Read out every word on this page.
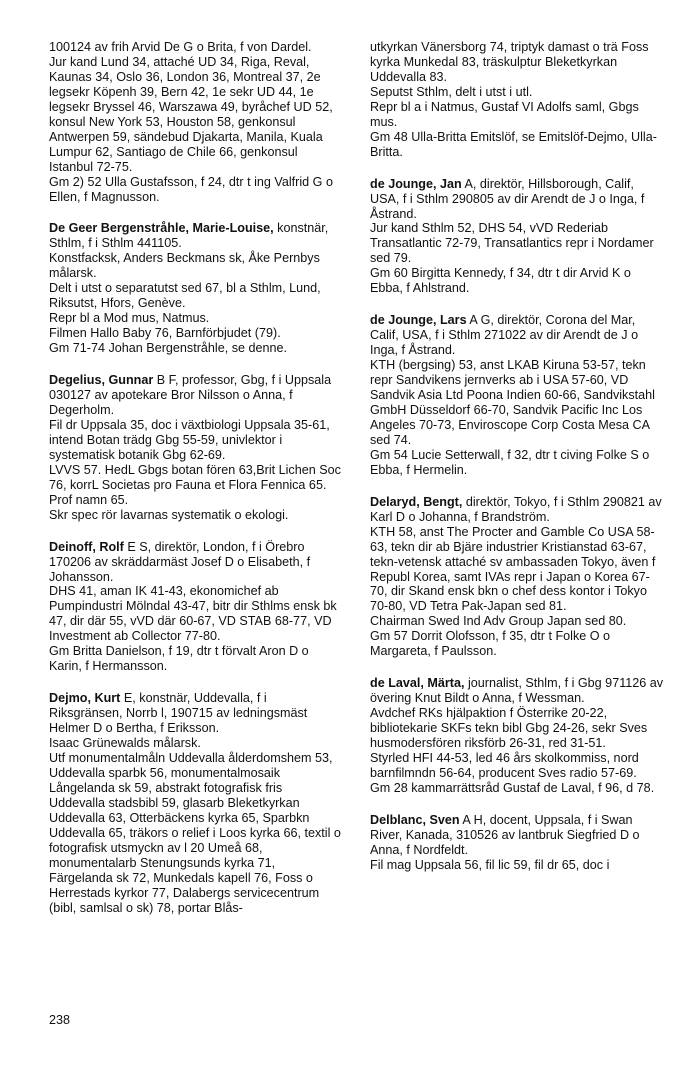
100124 av frih Arvid De G o Brita, f von Dardel.

Jur kand Lund 34, attaché UD 34, Riga, Reval, Kaunas 34, Oslo 36, London 36, Montreal 37, 2e legsekr Köpenh 39, Bern 42, 1e sekr UD 44, 1e legsekr Bryssel 46, Warszawa 49, byråchef UD 52, konsul New York 53, Houston 58, genkonsul Antwerpen 59, sändebud Djakarta, Manila, Kuala Lumpur 62, Santiago de Chile 66, genkonsul Istanbul 72-75.

Gm 2) 52 Ulla Gustafsson, f 24, dtr t ing Valfrid G o Ellen, f Magnusson.

De Geer Bergenstråhle, Marie-Louise, konstnär, Sthlm, f i Sthlm 441105.

Konstfacksk, Anders Beckmans sk, Åke Pernbys målarsk.

Delt i utst o separatutst sed 67, bl a Sthlm, Lund, Riksutst, Hfors, Genève.

Repr bl a Mod mus, Natmus.

Filmen Hallo Baby 76, Barnförbjudet (79).

Gm 71-74 Johan Bergenstråhle, se denne.

Degelius, Gunnar B F, professor, Gbg, f i Uppsala 030127 av apotekare Bror Nilsson o Anna, f Degerholm.

Fil dr Uppsala 35, doc i växtbiologi Uppsala 35-61, intend Botan trädg Gbg 55-59, univlektor i systematisk botanik Gbg 62-69.

LVVS 57. HedL Gbgs botan fören 63,Brit Lichen Soc 76, korrL Societas pro Fauna et Flora Fennica 65. Prof namn 65.

Skr spec rör lavarnas systematik o ekologi.

Deinoff, Rolf E S, direktör, London, f i Örebro 170206 av skräddarmäst Josef D o Elisabeth, f Johansson.

DHS 41, aman IK 41-43, ekonomichef ab Pumpindustri Mölndal 43-47, bitr dir Sthlms ensk bk 47, dir där 55, vVD där 60-67, VD STAB 68-77, VD Investment ab Collector 77-80.

Gm Britta Danielson, f 19, dtr t förvalt Aron D o Karin, f Hermansson.

Dejmo, Kurt E, konstnär, Uddevalla, f i Riksgränsen, Norrb l, 190715 av ledningsmäst Helmer D o Bertha, f Eriksson.

Isaac Grünewalds målarsk.

Utf monumentalmåln Uddevalla ålderdomshem 53, Uddevalla sparbk 56, monumentalmosaik Långelanda sk 59, abstrakt fotografisk fris Uddevalla stadsbibl 59, glasarb Bleketkyrkan Uddevalla 63, Otterbäckens kyrka 65, Sparbkn Uddevalla 65, träkors o relief i Loos kyrka 66, textil o fotografisk utsmyckn av l 20 Umeå 68, monumentalarb Stenungsunds kyrka 71, Färgelanda sk 72, Munkedals kapell 76, Foss o Herrestads kyrkor 77, Dalabergs servicecentrum (bibl, samlsal o sk) 78, portar Blås-

utkyrkan Vänersborg 74, triptyk damast o trä Foss kyrka Munkedal 83, träskulptur Bleketkyrkan Uddevalla 83.

Seputst Sthlm, delt i utst i utl.

Repr bl a i Natmus, Gustaf VI Adolfs saml, Gbgs mus.

Gm 48 Ulla-Britta Emitslöf, se Emitslöf-Dejmo, Ulla-Britta.

de Jounge, Jan A, direktör, Hillsborough, Calif, USA, f i Sthlm 290805 av dir Arendt de J o Inga, f Åstrand.

Jur kand Sthlm 52, DHS 54, vVD Rederiab Transatlantic 72-79, Transatlantics repr i Nordamer sed 79.

Gm 60 Birgitta Kennedy, f 34, dtr t dir Arvid K o Ebba, f Ahlstrand.

de Jounge, Lars A G, direktör, Corona del Mar, Calif, USA, f i Sthlm 271022 av dir Arendt de J o Inga, f Åstrand.

KTH (bergsing) 53, anst LKAB Kiruna 53-57, tekn repr Sandvikens jernverks ab i USA 57-60, VD Sandvik Asia Ltd Poona Indien 60-66, Sandvikstahl GmbH Düsseldorf 66-70, Sandvik Pacific Inc Los Angeles 70-73, Enviroscope Corp Costa Mesa CA sed 74.

Gm 54 Lucie Setterwall, f 32, dtr t civing Folke S o Ebba, f Hermelin.

Delaryd, Bengt, direktör, Tokyo, f i Sthlm 290821 av Karl D o Johanna, f Brandström.

KTH 58, anst The Procter and Gamble Co USA 58-63, tekn dir ab Bjäre industrier Kristianstad 63-67, tekn-vetensk attaché sv ambassaden Tokyo, även f Republ Korea, samt IVAs repr i Japan o Korea 67-70, dir Skand ensk bkn o chef dess kontor i Tokyo 70-80, VD Tetra Pak-Japan sed 81.

Chairman Swed Ind Adv Group Japan sed 80.

Gm 57 Dorrit Olofsson, f 35, dtr t Folke O o Margareta, f Paulsson.

de Laval, Märta, journalist, Sthlm, f i Gbg 971126 av övering Knut Bildt o Anna, f Wessman.

Avdchef RKs hjälpaktion f Österrike 20-22, bibliotekarie SKFs tekn bibl Gbg 24-26, sekr Sves husmodersfören riksförb 26-31, red 31-51.

Styrled HFI 44-53, led 46 års skolkommiss, nord barnfilmndn 56-64, producent Sves radio 57-69.

Gm 28 kammarrättsråd Gustaf de Laval, f 96, d 78.

Delblanc, Sven A H, docent, Uppsala, f i Swan River, Kanada, 310526 av lantbruk Siegfried D o Anna, f Nordfeldt.

Fil mag Uppsala 56, fil lic 59, fil dr 65, doc i

238
